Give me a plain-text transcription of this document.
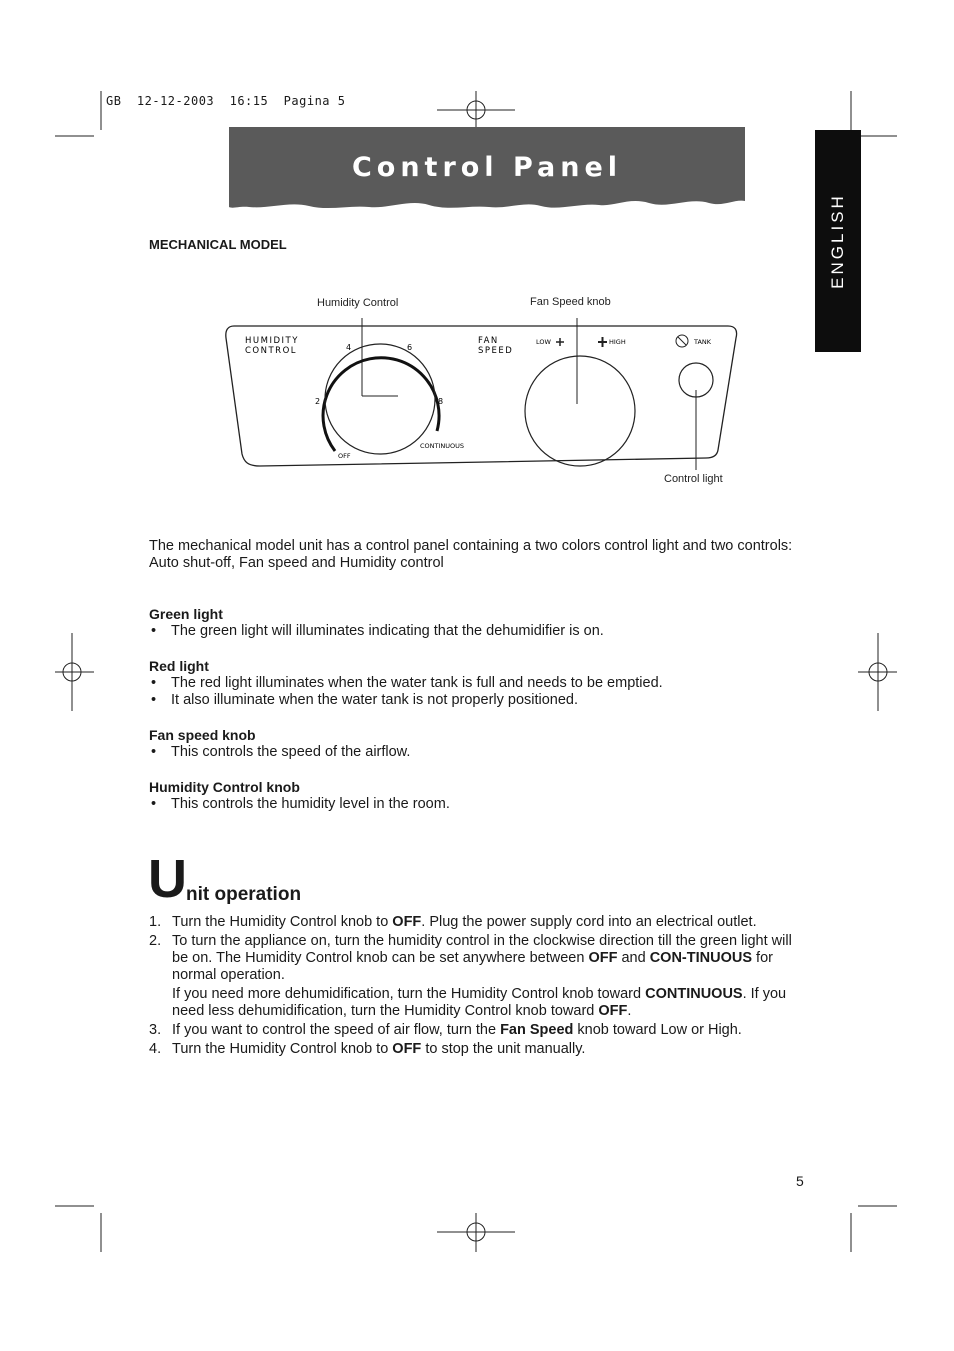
GB  12-12-2003  16:15  Pagina 5
Control Panel
ENGLISH
MECHANICAL MODEL
Humidity Control	Fan Speed knob
Control light
HUMIDITY
CONTROL
FAN
SPEED
4	6
2	8
OFF
CONTINUOUS
LOW	HIGH	TANK
The mechanical model unit has a control panel containing a two colors control light and two controls:
Auto shut-off, Fan speed and Humidity control
Green light

• The green light will illuminates indicating that the dehumidifier is on.

Red light

• The red light illuminates when the water tank is full and needs to be emptied.

• It also illuminate when the water tank is not properly positioned.

Fan speed knob

• This controls the speed of the airflow.

Humidity Control knob

• This controls the humidity level in the room.

Unit operation
1. Turn the Humidity Control knob to OFF. Plug the power supply cord into an electrical outlet.

2. To turn the appliance on, turn the humidity control in the clockwise direction till the green light will be on. The Humidity Control knob can be set anywhere between OFF and CON-TINUOUS for normal operation.

If you need more dehumidification, turn the Humidity Control knob toward CONTINUOUS. If you need less dehumidification, turn the Humidity Control knob toward OFF.

3. If you want to control the speed of air flow, turn the Fan Speed knob toward Low or High.

4. Turn the Humidity Control knob to OFF to stop the unit manually.

5
